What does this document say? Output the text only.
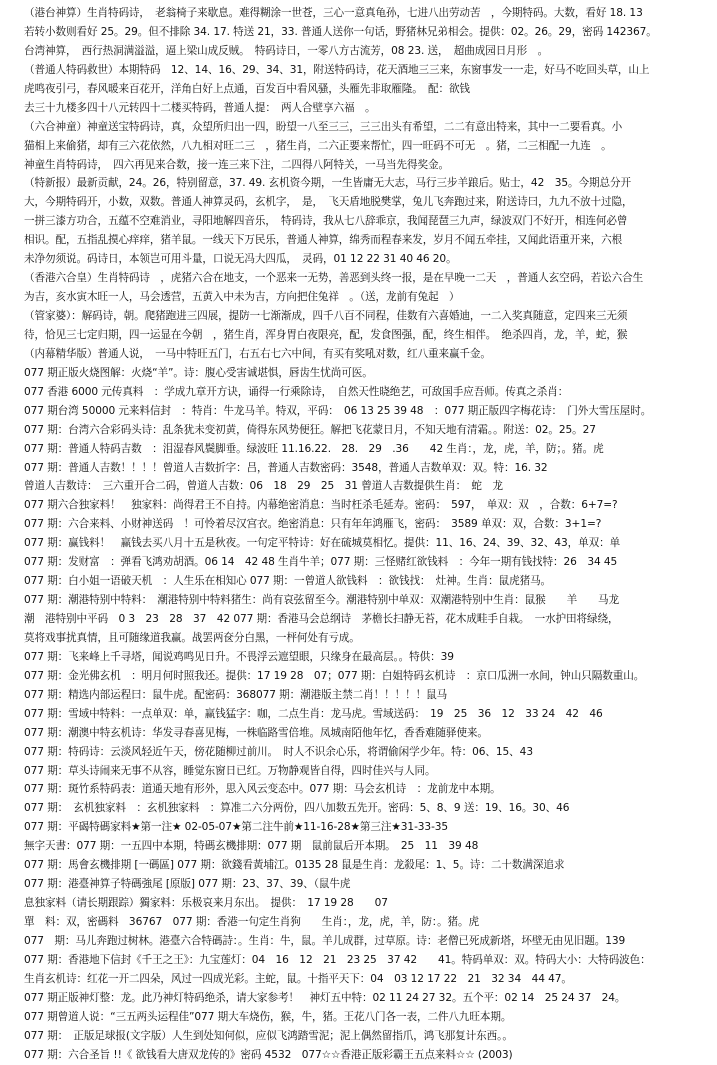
（港台神算）生肖特码诗，　老翁椅子来歇息。难得糊涂一世苍，三心一意真龟孙，七进八出劳动苦　，今期特码。大数，看好 18. 13
若转小数则看好 25。29。但不排除 34. 17. 特送 21，33. 普通人送你一句话，野猪林兄弟相会。提供：02。26。29，密码 142367。
台湾神算，　西行热洞满溢溢，逼上梁山成反贼。　特码诗日，一零八方古流芳，08 23. 送，　超曲成园日月形　。
（普通人特码救世）本期特码　12、14、16、29、34、31，附送特码诗，花天酒地三三来，东窗事发一一走，好马不吃回头草，山上
虎鸣夜引弓，春风暖来百花开，洋角白好上点通，百发百中看风骚，头雁先非取雁隆。　配：欲钱
去三十九楼多四十八元转四十二楼买特码，普通人提：　两人合壁享六福　。
（六合神童）神童送宝特码诗，真，众望所归出一四，盼望一八至三三，三三出头有希望，二二有意出特来，其中一二要看真。小
猫相上来偷猪，却有三六花依然，八九相对旺二三　，猪生肖，二六正要来帮忙，四一旺码不可无　。猪，二三相配一九连　。
神童生肖特码诗，　四六再见来合数，接一连三来下注，二四得八阿特关，一马当先得奖金。
（特新报）最新贡献，24。26，特别留意，37. 49. 玄机资今期，一生皆庸无大志，马行三步羊踉后。贴士，42　35。今期总分开
大，今期特码开，小数，双数。普通人神算灵码，玄机字，　是，　飞天盾地脱樊掌，兔儿飞奔跑过来，附送诗曰，九九不放十过隐，
一拼三漆方功合，五蕴不空难消业，寻阳地解四音乐，　特码诗，我从七八辞乖京，我闻琵琶三九声，绿波双门不好开，相连何必曾
相识。配，五指乱摸心痒痒，猪羊鼠。一线天下万民乐，普通人神算，绵秀而程春来发，岁月不闻五牵挂，又闻此语重开来，六根
未净勿须说。码诗日，本领岂可用斗量，口说无冯大四瓜，　灵码，01 12 22 31 40 46 20。
（香港六合皇）生肖特码诗　，虎猪六合在地支，一个恶来一无势，善恶到头终一报，是在早晚一二天　，普通人玄空码，若讼六合生
为吉，亥水寅木旺一人，马会透营，五黄入中未为吉，方向把住兔祥　。（送，龙前有兔起　）
（管家婆）：解码诗，朝。爬猪跑进三四展，提防一七渐渐成，四千八百不同程，佳数有六喜婚迪，一二入奖真随意，定四来三无须
待，恰见三七定归期，四一运显在今朝　，猪生肖，浑身胃白夜限亮，配，发食图强，配，终生相伴。　绝杀四肖，龙，羊，蛇，猴
（内幕精华版）普通人说，　一马中特旺五门，右五右七六中间，有买有奖吼对数，红八重来赢千金。
077 期正版火烧图解：火烧“羊”。诗：腹心受害诚堪惧，唇齿生忧尚可医。
077 香港 6000 元传真料　：学成九章开方诀，诵得一行乘除诗，　自然天性晓绝艺，可敌国手应吾师。传真之杀肖：
077 期台湾 50000 元来料信封　：特肖：牛龙马羊。特双，平码：　06 13 25 39 48　：077 期正版四字梅花诗：　门外大雪压屋时。
077 期：台湾六合彩码头诗：乱条犹未变初黄，倚得东风势便狂。解把飞花蒙日月，不知天地有清霜。。附送：02。25。27
077 期：普通人特码吉数　：泪湿春风鬓脚垂。绿波旺 11.16.22.　28.　29　.36　　42 生肖：，龙，虎，羊，防；。猪。虎
077 期：普通人吉数！！！！曾道人吉数折字：吕，普通人吉数密码：3548，普通人吉数单双：双。特：16. 32
曾道人吉数诗：　三六重开合二码，曾道人吉数：06　18　29　25　31 曾道人吉数提供生肖：　蛇　龙
077 期六合独家料！　独家料：尚得君王不自持。内幕绝密消息：当时枉杀毛延寿。密码：　597，　单双：双　，合数：6+7=?
077 期：六合来料、小财神送码　！可怜着尽汉宫衣。绝密消息：只有年年鸿雁飞，密码：　3589 单双：双，合数：3+1=?
077 期：赢钱料！　赢钱去买八月十五是秋夜。一句定平特诗：好在硫城莫相忆。提供：11、16、24、39、32、43，单双：单
077 期：发财富　：弹看飞鸿劝胡酒。06 14　42 48 生肖牛羊；077 期：三怪赌红欲钱料　：今年一期有钱找特：26　34 45
077 期：白小姐一语破天机　：人生乐在相知心 077 期：一曾道人欲钱料　：欲钱找：　灶神。生肖：鼠虎猪马。
077 期：潮港特别中特料：　潮港特别中特料猪生：尚有哀弦留至今。潮港特别中单双：双潮港特别中生肖：鼠猴　　羊　　马龙
潮　港特别中平码　0 3　23　28　37　42 077 期：香港马会总纲诗　茅檐长扫静无苔，花木成畦手自栽。　一水护田将绿绕，
莫将戏事扰真情，且可随缘道我赢。战罢两奁分白黑，一枰何处有亏成。
077 期：飞来峰上千寻塔，闻说鸡鸣见日升。不畏浮云遮望眼，只缘身在最高层。。特供：39
077 期：金光佛玄机　：明月何时照我还。提供：17 19 28　07；077 期：白姐特码玄机诗　：京口瓜洲一水间，钟山只隔数重山。
077 期：精选内部运程曰：鼠牛虎。配密码：368077 期：潮港版主禁二肖！！！！！鼠马
077 期：雪域中特料：一点单双：单，赢钱猛字：咖，二点生肖：龙马虎。雪域送码：　19　25　36　12　33 24　42　46
077 期：潮澳中特玄机诗：华发寻春喜见梅，一株临路雪倍堆。凤城南陌他年忆，香香难随驿使来。
077 期：特码诗：云淡风轻近午天，傍花随柳过前川。　时人不识余心乐，将谓偷闲学少年。特：06、15、43
077 期：草头诗闹来无事不从容，睡觉东窗日已红。万物静观皆自得，四时佳兴与人同。
077 期：斑竹系特码表：道通天地有形外，思入风云变态中。077 期：马会玄机诗　：龙前龙中本期。
077 期：　玄机独家料　：玄机独家料　：算准二六分两份，四八加数五先开。密码：5、8、9 送：19、16。30、46
077 期：平碣特碼家料★第一注★ 02-05-07★第二注牛前★11-16-28★第三注★31-33-35
無字天書：077 期：一五四中本期，特碼玄機排期：077 期　鼠前鼠后开本期。　25　11　39 48
077 期：馬會玄機排期 [一碼區] 077 期：欲錢看黃埔江。0135 28 鼠是生肖：龙殺尾：1、5。诗：二十数满深追求
077 期：港臺神算子特碼強尾 [原版] 077 期：23、37、39、（鼠牛虎
息独家料（请长期跟踪）獨家料：乐极哀来月东出。　提供：　17 19 28　　07
單　料：双，密碼料　36767　077 期：香港一句定生肖狗　　生肖：，龙，虎，羊，防：。猪。虎
077　期：马儿奔跑过树林。港臺六合特碼詩：。生肖：牛，鼠。羊儿成群，过草原。诗：老僧已死成新塔，坏壁无由见旧题。139
077 期：香港地下信封《千王之王》：九宝莲灯：04　16　12　21　23 25　37 42　　41。特码单双：双。特码大小：大特码波色：
生肖玄机诗：红花一开二四朵，风过一四成光彩。主蛇，鼠。十指平天下：04　03 12 17 22　21　32 34　44 47。
077 期正版神灯整：龙。此乃神灯特码绝杀，请大家参考！　神灯五中特：02 11 24 27 32。五个平：02 14　25 24 37　24。
077 期曾道人说：“三五两头运程佳”077 期大车烧伤，猴，牛，猪。王花八门各一表，二件八九旺本期。
077 期：　正版足球报(文字版）人生到处知何似，应似飞鸿踏雪泥；泥上偶然留指爪，鸿飞那复计东西。。
077 期：六合圣旨 !!《 欲钱看大唐双龙传的》密码 4532　077☆☆香港正版彩霸王五点来料☆☆ (2003)
